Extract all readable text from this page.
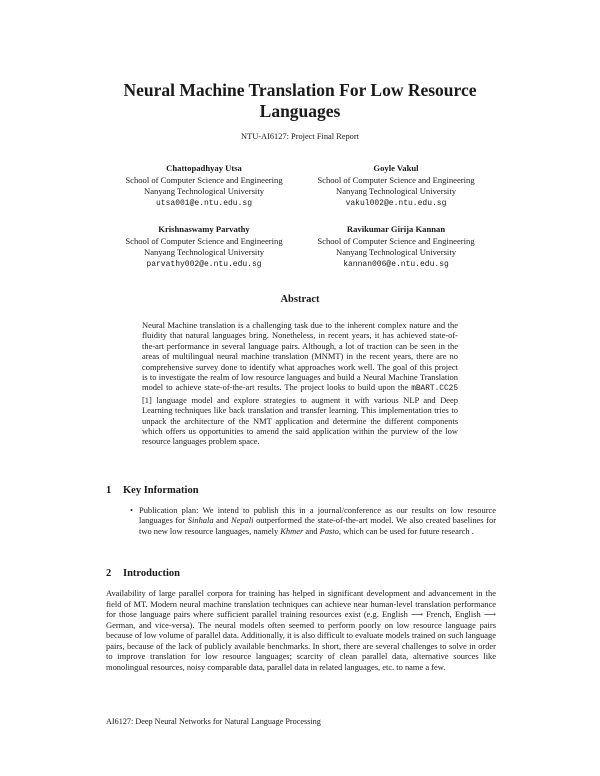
Neural Machine Translation For Low Resource Languages
NTU-AI6127: Project Final Report
Chattopadhyay Utsa
School of Computer Science and Engineering
Nanyang Technological University
utsa001@e.ntu.edu.sg
Goyle Vakul
School of Computer Science and Engineering
Nanyang Technological University
vakul002@e.ntu.edu.sg
Krishnaswamy Parvathy
School of Computer Science and Engineering
Nanyang Technological University
parvathy002@e.ntu.edu.sg
Ravikumar Girija Kannan
School of Computer Science and Engineering
Nanyang Technological University
kannan006@e.ntu.edu.sg
Abstract
Neural Machine translation is a challenging task due to the inherent complex nature and the fluidity that natural languages bring. Nonetheless, in recent years, it has achieved state-of-the-art performance in several language pairs. Although, a lot of traction can be seen in the areas of multilingual neural machine translation (MNMT) in the recent years, there are no comprehensive survey done to identify what approaches work well. The goal of this project is to investigate the realm of low resource languages and build a Neural Machine Translation model to achieve state-of-the-art results. The project looks to build upon the mBART.CC25 [1] language model and explore strategies to augment it with various NLP and Deep Learning techniques like back translation and transfer learning. This implementation tries to unpack the architecture of the NMT application and determine the different components which offers us opportunities to amend the said application within the purview of the low resource languages problem space.
1 Key Information
• Publication plan: We intend to publish this in a journal/conference as our results on low resource languages for Sinhala and Nepali outperformed the state-of-the-art model. We also created baselines for two new low resource languages, namely Khmer and Pasto, which can be used for future research .
2 Introduction
Availability of large parallel corpora for training has helped in significant development and advancement in the field of MT. Modern neural machine translation techniques can achieve near human-level translation performance for those language pairs where sufficient parallel training resources exist (e.g. English ⟶ French, English ⟶ German, and vice-versa). The neural models often seemed to perform poorly on low resource language pairs because of low volume of parallel data. Additionally, it is also difficult to evaluate models trained on such language pairs, because of the lack of publicly available benchmarks. In short, there are several challenges to solve in order to improve translation for low resource languages; scarcity of clean parallel data, alternative sources like monolingual resources, noisy comparable data, parallel data in related languages, etc. to name a few.
AI6127: Deep Neural Networks for Natural Language Processing
